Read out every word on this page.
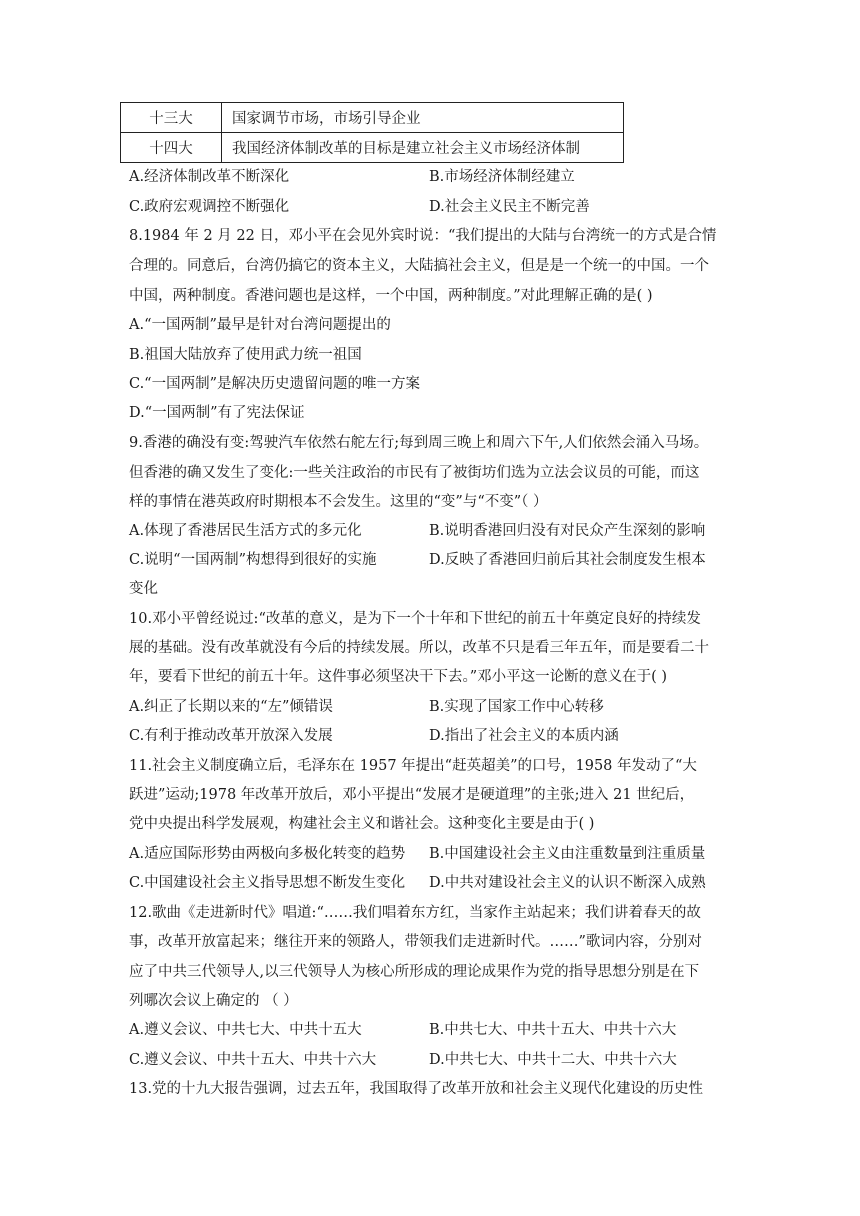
十三大	国家调节市场，市场引导企业
十四大	我国经济体制改革的目标是建立社会主义市场经济体制
A.经济体制改革不断深化	B.市场经济体制经建立
C.政府宏观调控不断强化	D.社会主义民主不断完善
8.1984 年 2 月 22 日，邓小平在会见外宾时说：“我们提出的大陆与台湾统一的方式是合情
合理的。同意后，台湾仍搞它的资本主义，大陆搞社会主义，但是是一个统一的中国。一个
中国，两种制度。香港问题也是这样，一个中国，两种制度。”对此理解正确的是( )
A.“一国两制”最早是针对台湾问题提出的
B.祖国大陆放弃了使用武力统一祖国
C.“一国两制”是解决历史遗留问题的唯一方案
D.“一国两制”有了宪法保证
9.香港的确没有变:驾驶汽车依然右舵左行;每到周三晚上和周六下午,人们依然会涌入马场。
但香港的确又发生了变化:一些关注政治的市民有了被街坊们选为立法会议员的可能，而这
样的事情在港英政府时期根本不会发生。这里的“变”与“不变”（ ）
A.体现了香港居民生活方式的多元化	B.说明香港回归没有对民众产生深刻的影响
C.说明“一国两制”构想得到很好的实施	D.反映了香港回归前后其社会制度发生根本
变化
10.邓小平曾经说过:“改革的意义，是为下一个十年和下世纪的前五十年奠定良好的持续发
展的基础。没有改革就没有今后的持续发展。所以，改革不只是看三年五年，而是要看二十
年，要看下世纪的前五十年。这件事必须坚决干下去。”邓小平这一论断的意义在于( )
A.纠正了长期以来的“左”倾错误	B.实现了国家工作中心转移
C.有利于推动改革开放深入发展	D.指出了社会主义的本质内涵
11.社会主义制度确立后，毛泽东在 1957 年提出“赶英超美”的口号，1958 年发动了“大
跃进”运动;1978 年改革开放后，邓小平提出“发展才是硬道理”的主张;进入 21 世纪后，
党中央提出科学发展观，构建社会主义和谐社会。这种变化主要是由于( )
A.适应国际形势由两极向多极化转变的趋势 B.中国建设社会主义由注重数量到注重质量
C.中国建设社会主义指导思想不断发生变化 D.中共对建设社会主义的认识不断深入成熟
12.歌曲《走进新时代》唱道:“……我们唱着东方红，当家作主站起来；我们讲着春天的故
事，改革开放富起来；继往开来的领路人，带领我们走进新时代。……”歌词内容，分别对
应了中共三代领导人,以三代领导人为核心所形成的理论成果作为党的指导思想分别是在下
列哪次会议上确定的 （ ）
A.遵义会议、中共七大、中共十五大	B.中共七大、中共十五大、中共十六大
C.遵义会议、中共十五大、中共十六大	D.中共七大、中共十二大、中共十六大
13.党的十九大报告强调，过去五年，我国取得了改革开放和社会主义现代化建设的历史性
